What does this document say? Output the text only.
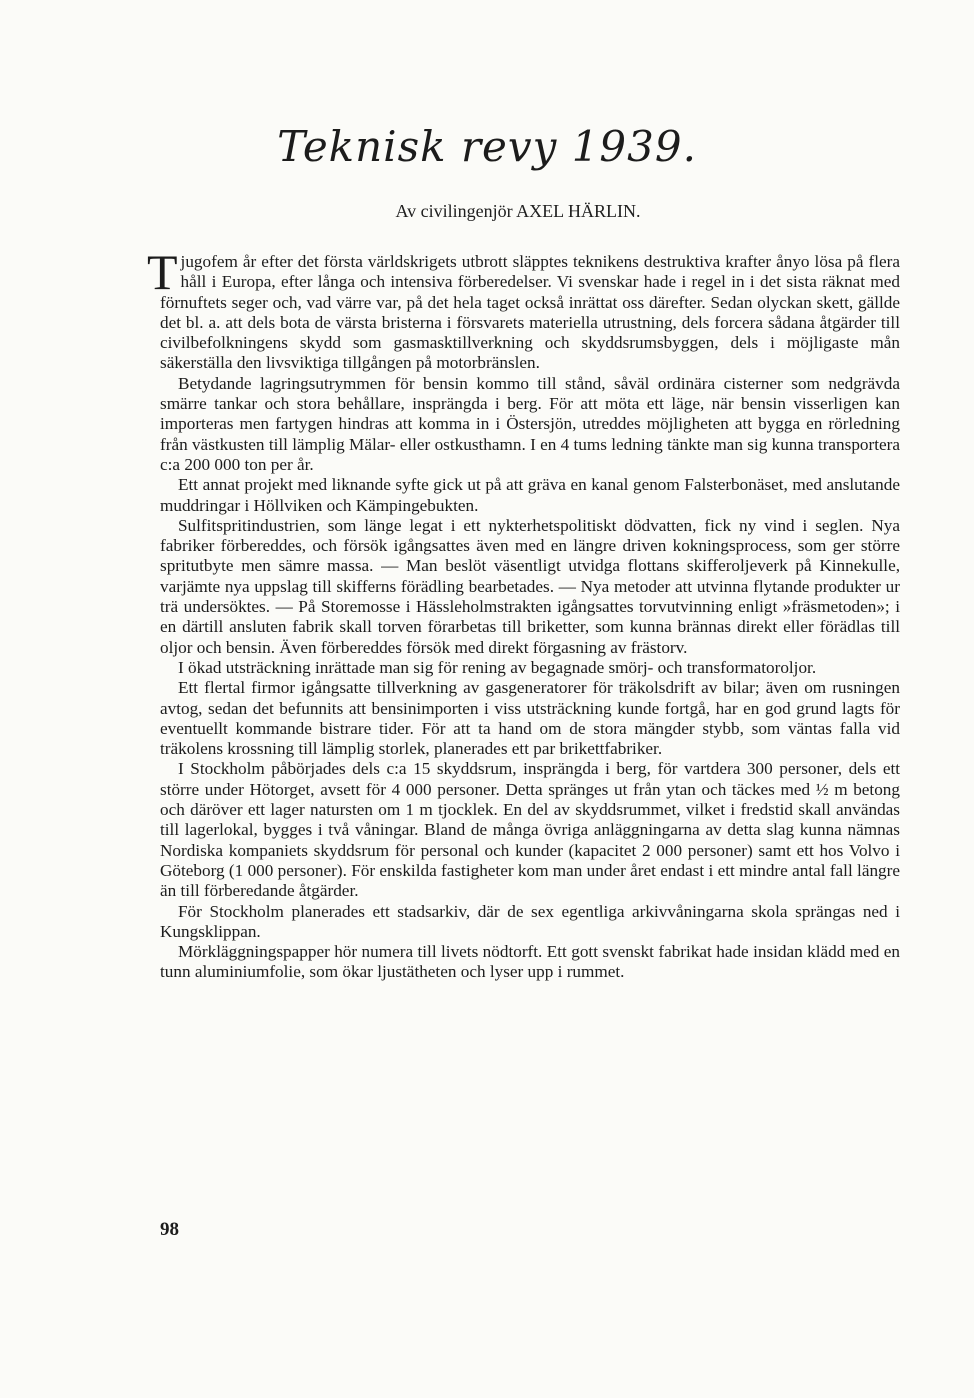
Teknisk revy 1939.
Av civilingenjör AXEL HÄRLIN.

Tjugofem år efter det första världskrigets utbrott släpptes teknikens destruktiva krafter ånyo lösa på flera håll i Europa, efter långa och intensiva förberedelser. Vi svenskar hade i regel in i det sista räknat med förnuftets seger och, vad värre var, på det hela taget också inrättat oss därefter. Sedan olyckan skett, gällde det bl. a. att dels bota de värsta bristerna i försvarets materiella utrustning, dels forcera sådana åtgärder till civilbefolkningens skydd som gasmasktillverkning och skyddsrumsbyggen, dels i möjligaste mån säkerställa den livsviktiga tillgången på motorbränslen.

Betydande lagringsutrymmen för bensin kommo till stånd, såväl ordinära cisterner som nedgrävda smärre tankar och stora behållare, insprängda i berg. För att möta ett läge, när bensin visserligen kan importeras men fartygen hindras att komma in i Östersjön, utreddes möjligheten att bygga en rörledning från västkusten till lämplig Mälar- eller ostkusthamn. I en 4 tums ledning tänkte man sig kunna transportera c:a 200 000 ton per år.

Ett annat projekt med liknande syfte gick ut på att gräva en kanal genom Falsterbonäset, med anslutande muddringar i Höllviken och Kämpingebukten.

Sulfitspritindustrien, som länge legat i ett nykterhetspolitiskt dödvatten, fick ny vind i seglen. Nya fabriker förbereddes, och försök igångsattes även med en längre driven kokningsprocess, som ger större spritutbyte men sämre massa. — Man beslöt väsentligt utvidga flottans skifferoljeverk på Kinnekulle, varjämte nya uppslag till skifferns förädling bearbetades. — Nya metoder att utvinna flytande produkter ur trä undersöktes. — På Storemosse i Hässleholmstrakten igångsattes torvutvinning enligt »fräsmetoden»; i en därtill ansluten fabrik skall torven förarbetas till briketter, som kunna brännas direkt eller förädlas till oljor och bensin. Även förbereddes försök med direkt förgasning av frästorv.

I ökad utsträckning inrättade man sig för rening av begagnade smörj- och transformatoroljor.

Ett flertal firmor igångsatte tillverkning av gasgeneratorer för träkolsdrift av bilar; även om rusningen avtog, sedan det befunnits att bensinimporten i viss utsträckning kunde fortgå, har en god grund lagts för eventuellt kommande bistrare tider. För att ta hand om de stora mängder stybb, som väntas falla vid träkolens krossning till lämplig storlek, planerades ett par brikettfabriker.

I Stockholm påbörjades dels c:a 15 skyddsrum, insprängda i berg, för vartdera 300 personer, dels ett större under Hötorget, avsett för 4 000 personer. Detta spränges ut från ytan och täckes med ½ m betong och däröver ett lager natursten om 1 m tjocklek. En del av skyddsrummet, vilket i fredstid skall användas till lagerlokal, bygges i två våningar. Bland de många övriga anläggningarna av detta slag kunna nämnas Nordiska kompaniets skyddsrum för personal och kunder (kapacitet 2 000 personer) samt ett hos Volvo i Göteborg (1 000 personer). För enskilda fastigheter kom man under året endast i ett mindre antal fall längre än till förberedande åtgärder.

För Stockholm planerades ett stadsarkiv, där de sex egentliga arkivvåningarna skola sprängas ned i Kungsklippan.

Mörkläggningspapper hör numera till livets nödtorft. Ett gott svenskt fabrikat hade insidan klädd med en tunn aluminiumfolie, som ökar ljustätheten och lyser upp i rummet.

98
